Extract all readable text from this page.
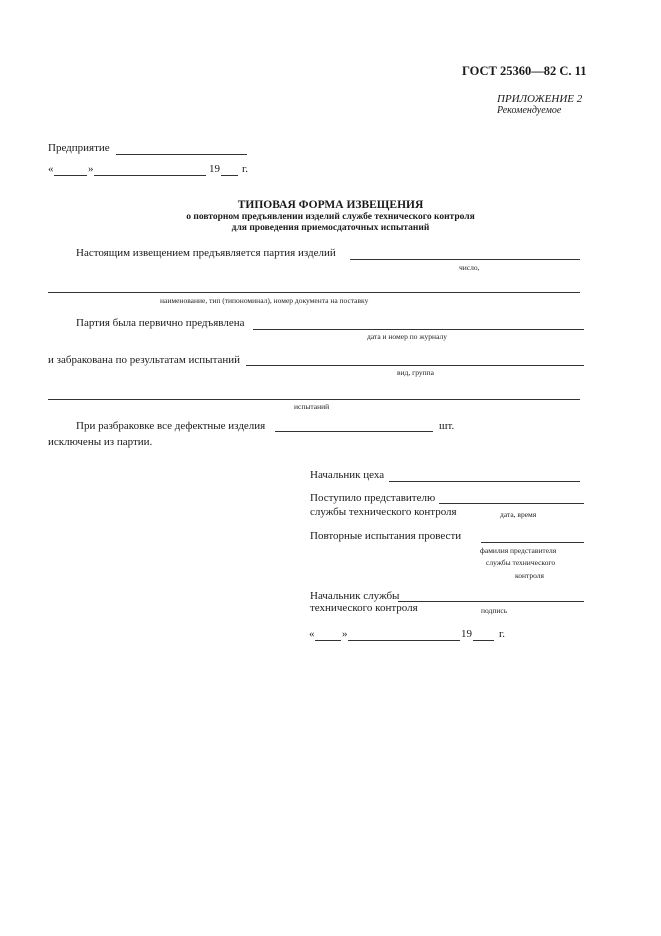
ГОСТ 25360—82 С. 11
ПРИЛОЖЕНИЕ 2
Рекомендуемое
Предприятие
«	»	19 г.
ТИПОВАЯ ФОРМА ИЗВЕЩЕНИЯ
о повторном предъявлении изделий службе технического контроля
для проведения приемосдаточных испытаний
Настоящим извещением предъявляется партия изделий
число,
наименование, тип (типономинал), номер документа на поставку
Партия была первично предъявлена
дата и номер по журналу
и забракована по результатам испытаний
вид, группа
испытаний
При разбраковке все дефектные изделия	шт.
исключены из партии.
Начальник цеха
Поступило представителю
службы технического контроля	дата, время
Повторные испытания провести
фамилия представителя
службы технического
контроля
Начальник службы
технического контроля	подпись
«	»	19 г.
